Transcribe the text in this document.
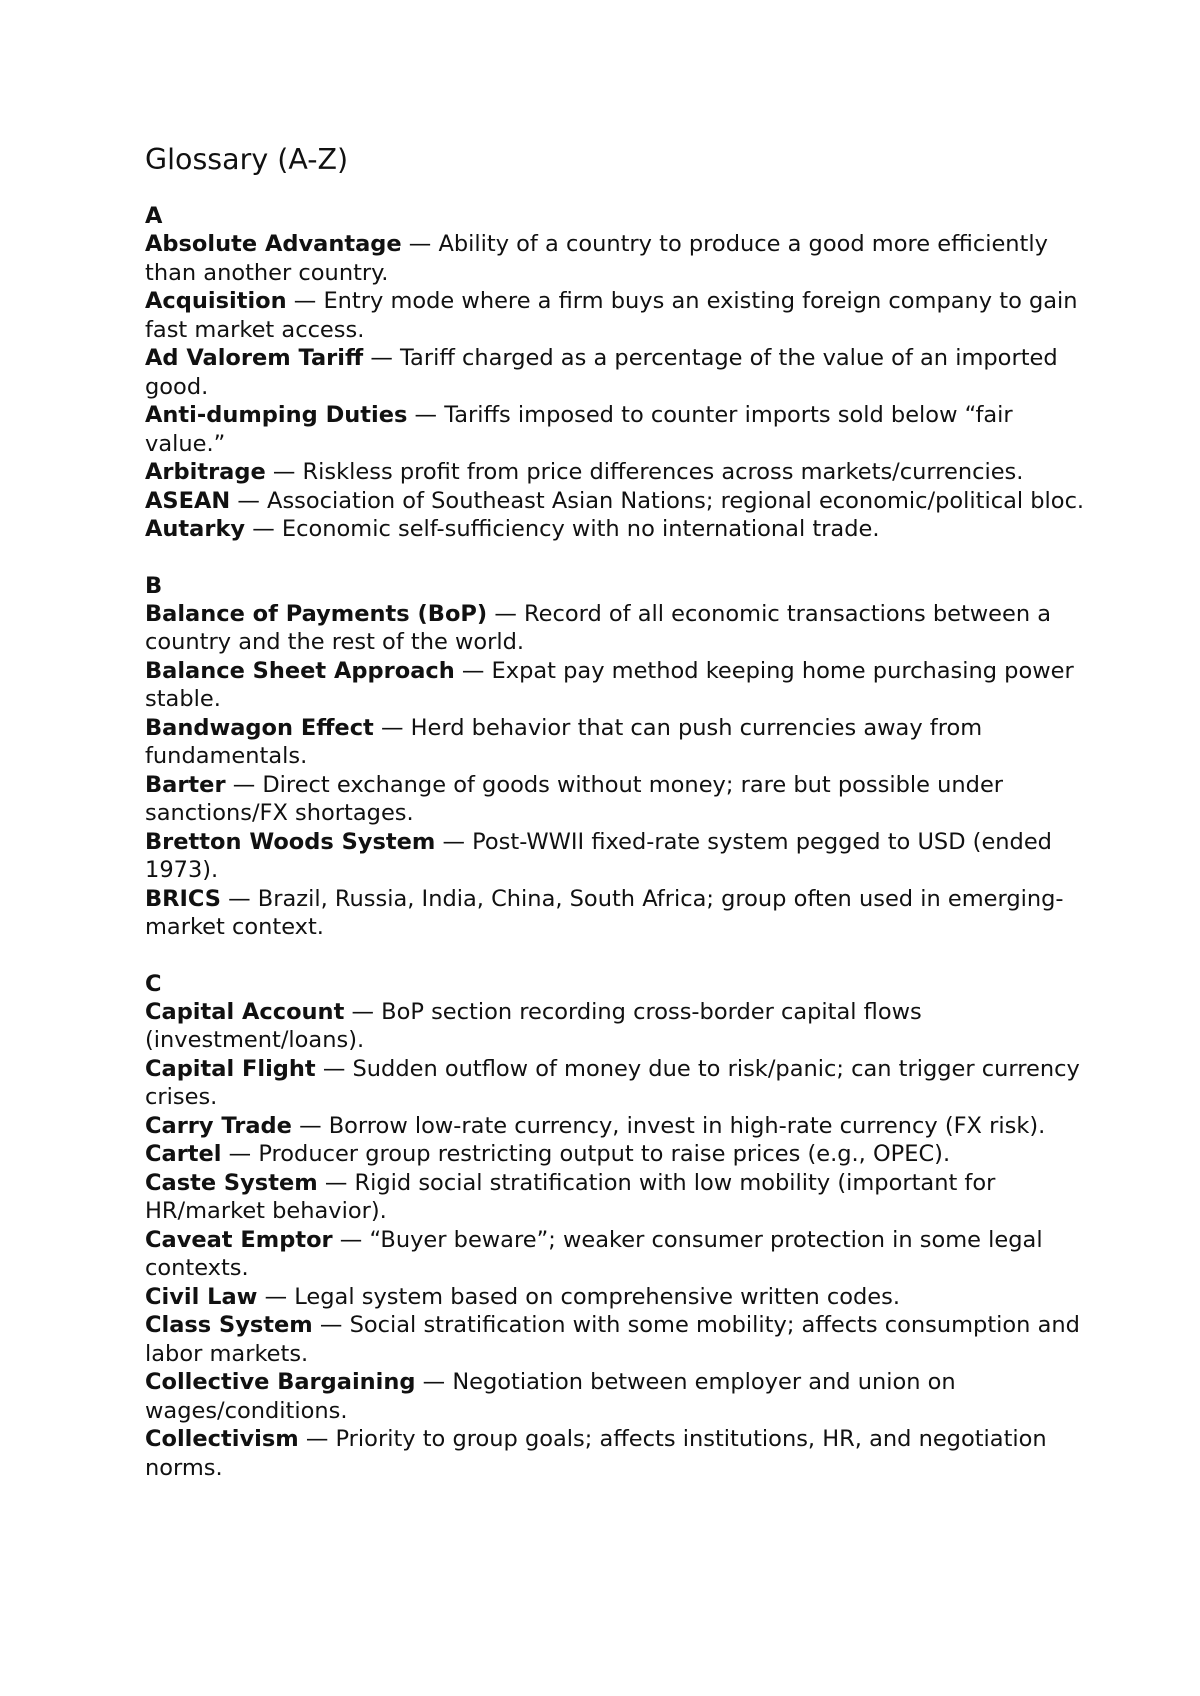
Glossary (A-Z)
A

Absolute Advantage — Ability of a country to produce a good more efficiently than another country.

Acquisition — Entry mode where a firm buys an existing foreign company to gain fast market access.

Ad Valorem Tariff — Tariff charged as a percentage of the value of an imported good.

Anti-dumping Duties — Tariffs imposed to counter imports sold below “fair value.”

Arbitrage — Riskless profit from price differences across markets/currencies.

ASEAN — Association of Southeast Asian Nations; regional economic/political bloc.

Autarky — Economic self-sufficiency with no international trade.

B

Balance of Payments (BoP) — Record of all economic transactions between a country and the rest of the world.

Balance Sheet Approach — Expat pay method keeping home purchasing power stable.

Bandwagon Effect — Herd behavior that can push currencies away from fundamentals.

Barter — Direct exchange of goods without money; rare but possible under sanctions/FX shortages.

Bretton Woods System — Post-WWII fixed-rate system pegged to USD (ended 1973).

BRICS — Brazil, Russia, India, China, South Africa; group often used in emerging-market context.

C

Capital Account — BoP section recording cross-border capital flows (investment/loans).

Capital Flight — Sudden outflow of money due to risk/panic; can trigger currency crises.

Carry Trade — Borrow low-rate currency, invest in high-rate currency (FX risk).

Cartel — Producer group restricting output to raise prices (e.g., OPEC).

Caste System — Rigid social stratification with low mobility (important for HR/market behavior).

Caveat Emptor — “Buyer beware”; weaker consumer protection in some legal contexts.

Civil Law — Legal system based on comprehensive written codes.

Class System — Social stratification with some mobility; affects consumption and labor markets.

Collective Bargaining — Negotiation between employer and union on wages/conditions.

Collectivism — Priority to group goals; affects institutions, HR, and negotiation norms.
